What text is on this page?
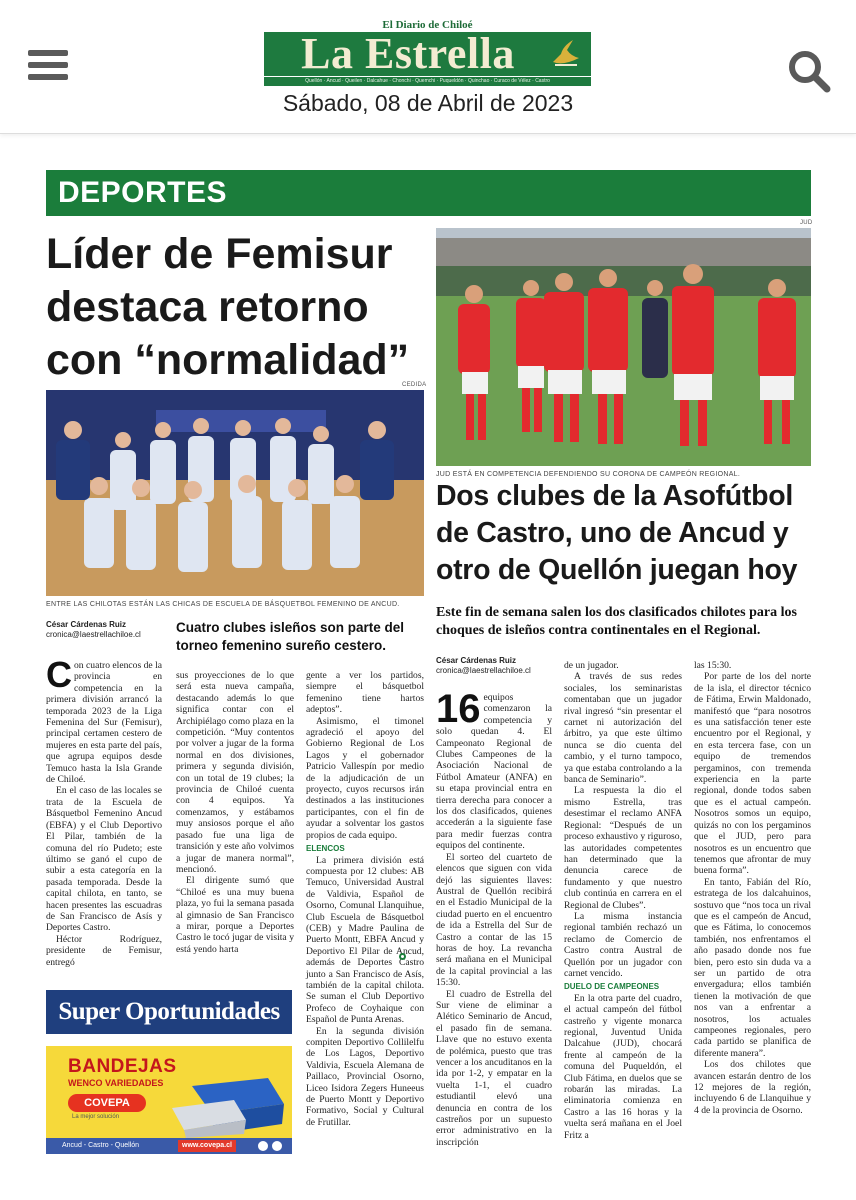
El Diario de Chiloé
La Estrella
Quellón · Ancud · Queilen · Dalcahue · Chonchi · Quemchi · Puqueldón · Quinchao · Curaco de Vélez · Castro
Sábado, 08 de Abril de 2023
DEPORTES
Líder de Femisur destaca retorno con “normalidad”
CEDIDA
ENTRE LAS CHILOTAS ESTÁN LAS CHICAS DE ESCUELA DE BÁSQUETBOL FEMENINO DE ANCUD.
César Cárdenas Ruiz
cronica@laestrellachiloe.cl	Cuatro clubes isleños son parte del torneo femenino sureño cestero.
C on cuatro elencos de la provincia en competencia en la primera división arrancó la temporada 2023 de la Liga Femenina del Sur (Femisur), principal certamen cestero de mujeres en esta parte del país, que agrupa equipos desde Temuco hasta la Isla Grande de Chiloé.

En el caso de las locales se trata de la Escuela de Básquetbol Femenino Ancud (EBFA) y el Club Deportivo El Pilar, también de la comuna del río Pudeto; este último se ganó el cupo de subir a esta categoría en la pasada temporada. Desde la capital chilota, en tanto, se hacen presentes las escuadras de San Francisco de Asís y Deportes Castro.

Héctor Rodríguez, presidente de Femisur, entregó

sus proyecciones de lo que será esta nueva campaña, destacando además lo que significa contar con el Archipiélago como plaza en la competición. “Muy contentos por volver a jugar de la forma normal en dos divisiones, primera y segunda división, con un total de 19 clubes; la provincia de Chiloé cuenta con 4 equipos. Ya comenzamos, y estábamos muy ansiosos porque el año pasado fue una liga de transición y este año volvimos a jugar de manera normal”, mencionó.

El dirigente sumó que “Chiloé es una muy buena plaza, yo fui la semana pasada al gimnasio de San Francisco a mirar, porque a Deportes Castro le tocó jugar de visita y está yendo harta

gente a ver los partidos, siempre el básquetbol femenino tiene hartos adeptos”.

Asimismo, el timonel agradeció el apoyo del Gobierno Regional de Los Lagos y el gobernador Patricio Vallespín por medio de la adjudicación de un proyecto, cuyos recursos irán destinados a las instituciones participantes, con el fin de ayudar a solventar los gastos propios de cada equipo.

ELENCOS

La primera división está compuesta por 12 clubes: AB Temuco, Universidad Austral de Valdivia, Español de Osorno, Comunal Llanquihue, Club Escuela de Básquetbol (CEB) y Madre Paulina de Puerto Montt, EBFA Ancud y Deportivo El Pilar de Ancud, además de Deportes Castro junto a San Francisco de Asís, también de la capital chilota. Se suman el Club Deportivo Profeco de Coyhaique con Español de Punta Arenas.

En la segunda división compiten Deportivo Collilelfu de Los Lagos, Deportivo Valdivia, Escuela Alemana de Paillaco, Provincial Osorno, Liceo Isidora Zegers Huneeus de Puerto Montt y Deportivo Formativo, Social y Cultural de Frutillar.

Super Oportunidades
BANDEJAS
WENCO VARIEDADES
COVEPA
La mejor solución
Ancud - Castro - Quellón	www.covepa.cl
JUD
JUD ESTÁ EN COMPETENCIA DEFENDIENDO SU CORONA DE CAMPEÓN REGIONAL.
Dos clubes de la Asofútbol de Castro, uno de Ancud y otro de Quellón juegan hoy
Este fin de semana salen los dos clasificados chilotes para los choques de isleños contra continentales en el Regional.
César Cárdenas Ruiz
cronica@laestrellachiloe.cl
16 equipos comenzaron la competencia y solo quedan 4. El Campeonato Regional de Clubes Campeones de la Asociación Nacional de Fútbol Amateur (ANFA) en su etapa provincial entra en tierra derecha para conocer a los dos clasificados, quienes accederán a la siguiente fase para medir fuerzas contra equipos del continente.

El sorteo del cuarteto de elencos que siguen con vida dejó las siguientes llaves: Austral de Quellón recibirá en el Estadio Municipal de la ciudad puerto en el encuentro de ida a Estrella del Sur de Castro a contar de las 15 horas de hoy. La revancha será mañana en el Municipal de la capital provincial a las 15:30.

El cuadro de Estrella del Sur viene de eliminar a Alético Seminario de Ancud, el pasado fin de semana. Llave que no estuvo exenta de polémica, puesto que tras vencer a los ancuditanos en la ida por 1-2, y empatar en la vuelta 1-1, el cuadro estudiantil elevó una denuncia en contra de los castreños por un supuesto error administrativo en la inscripción

de un jugador.

A través de sus redes sociales, los seminaristas comentaban que un jugador rival ingresó “sin presentar el carnet ni autorización del árbitro, ya que este último nunca se dio cuenta del cambio, y el turno tampoco, ya que estaba controlando a la banca de Seminario”.

La respuesta la dio el mismo Estrella, tras desestimar el reclamo ANFA Regional: “Después de un proceso exhaustivo y riguroso, las autoridades competentes han determinado que la denuncia carece de fundamento y que nuestro club continúa en carrera en el Regional de Clubes”.

La misma instancia regional también rechazó un reclamo de Comercio de Castro contra Austral de Quellón por un jugador con carnet vencido.

DUELO DE CAMPEONES

En la otra parte del cuadro, el actual campeón del fútbol castreño y vigente monarca regional, Juventud Unida Dalcahue (JUD), chocará frente al campeón de la comuna del Puqueldón, el Club Fátima, en duelos que se robarán las miradas. La eliminatoria comienza en Castro a las 16 horas y la vuelta será mañana en el Joel Fritz a

las 15:30.

Por parte de los del norte de la isla, el director técnico de Fátima, Erwin Maldonado, manifestó que “para nosotros es una satisfacción tener este encuentro por el Regional, y en esta tercera fase, con un equipo de tremendos pergaminos, con tremenda experiencia en la parte regional, donde todos saben que es el actual campeón. Nosotros somos un equipo, quizás no con los pergaminos que el JUD, pero para nosotros es un encuentro que tenemos que afrontar de muy buena forma”.

En tanto, Fabián del Río, estratega de los dalcahuinos, sostuvo que “nos toca un rival que es el campeón de Ancud, que es Fátima, lo conocemos también, nos enfrentamos el año pasado donde nos fue bien, pero esto sin duda va a ser un partido de otra envergadura; ellos también tienen la motivación de que nos van a enfrentar a nosotros, los actuales campeones regionales, pero cada partido se planifica de diferente manera”.

Los dos chilotes que avancen estarán dentro de los 12 mejores de la región, incluyendo 6 de Llanquihue y 4 de la provincia de Osorno.
